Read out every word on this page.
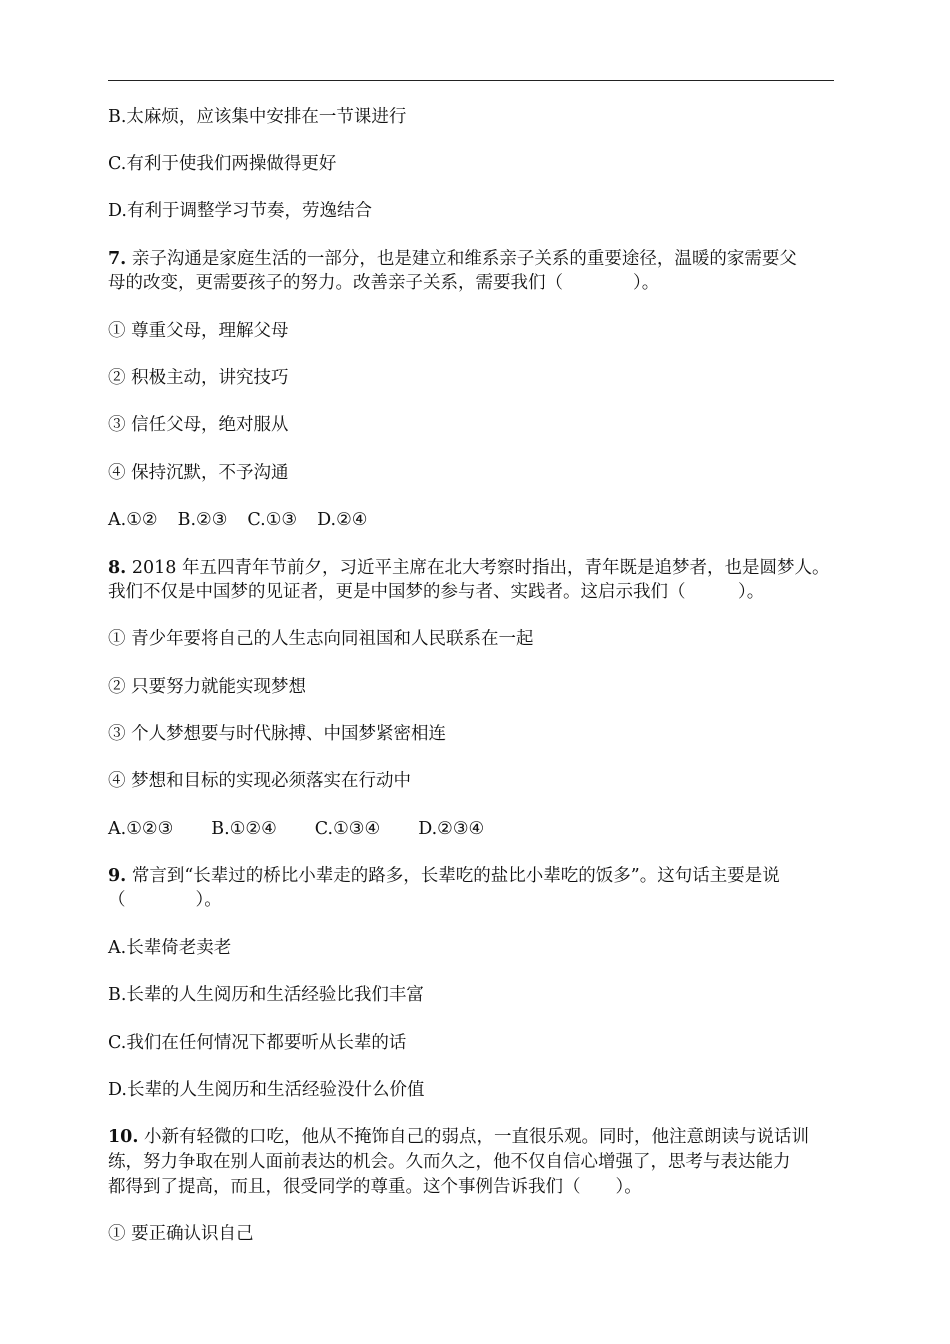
B.太麻烦，应该集中安排在一节课进行
C.有利于使我们两操做得更好
D.有利于调整学习节奏，劳逸结合
7. 亲子沟通是家庭生活的一部分，也是建立和维系亲子关系的重要途径，温暖的家需要父
母的改变，更需要孩子的努力。改善亲子关系，需要我们（　　　　）。
① 尊重父母，理解父母
② 积极主动，讲究技巧
③ 信任父母，绝对服从
④ 保持沉默，不予沟通
A.①② B.②③ C.①③ D.②④
8. 2018 年五四青年节前夕，习近平主席在北大考察时指出，青年既是追梦者，也是圆梦人。
我们不仅是中国梦的见证者，更是中国梦的参与者、实践者。这启示我们（　　　）。
① 青少年要将自己的人生志向同祖国和人民联系在一起
② 只要努力就能实现梦想
③ 个人梦想要与时代脉搏、中国梦紧密相连
④ 梦想和目标的实现必须落实在行动中
A.①②③ B.①②④ C.①③④ D.②③④
9. 常言到“长辈过的桥比小辈走的路多，长辈吃的盐比小辈吃的饭多”。这句话主要是说
（　　　　）。
A.长辈倚老卖老
B.长辈的人生阅历和生活经验比我们丰富
C.我们在任何情况下都要听从长辈的话
D.长辈的人生阅历和生活经验没什么价值
10. 小新有轻微的口吃，他从不掩饰自己的弱点，一直很乐观。同时，他注意朗读与说话训
练，努力争取在别人面前表达的机会。久而久之，他不仅自信心增强了，思考与表达能力
都得到了提高，而且，很受同学的尊重。这个事例告诉我们（　　）。
① 要正确认识自己
